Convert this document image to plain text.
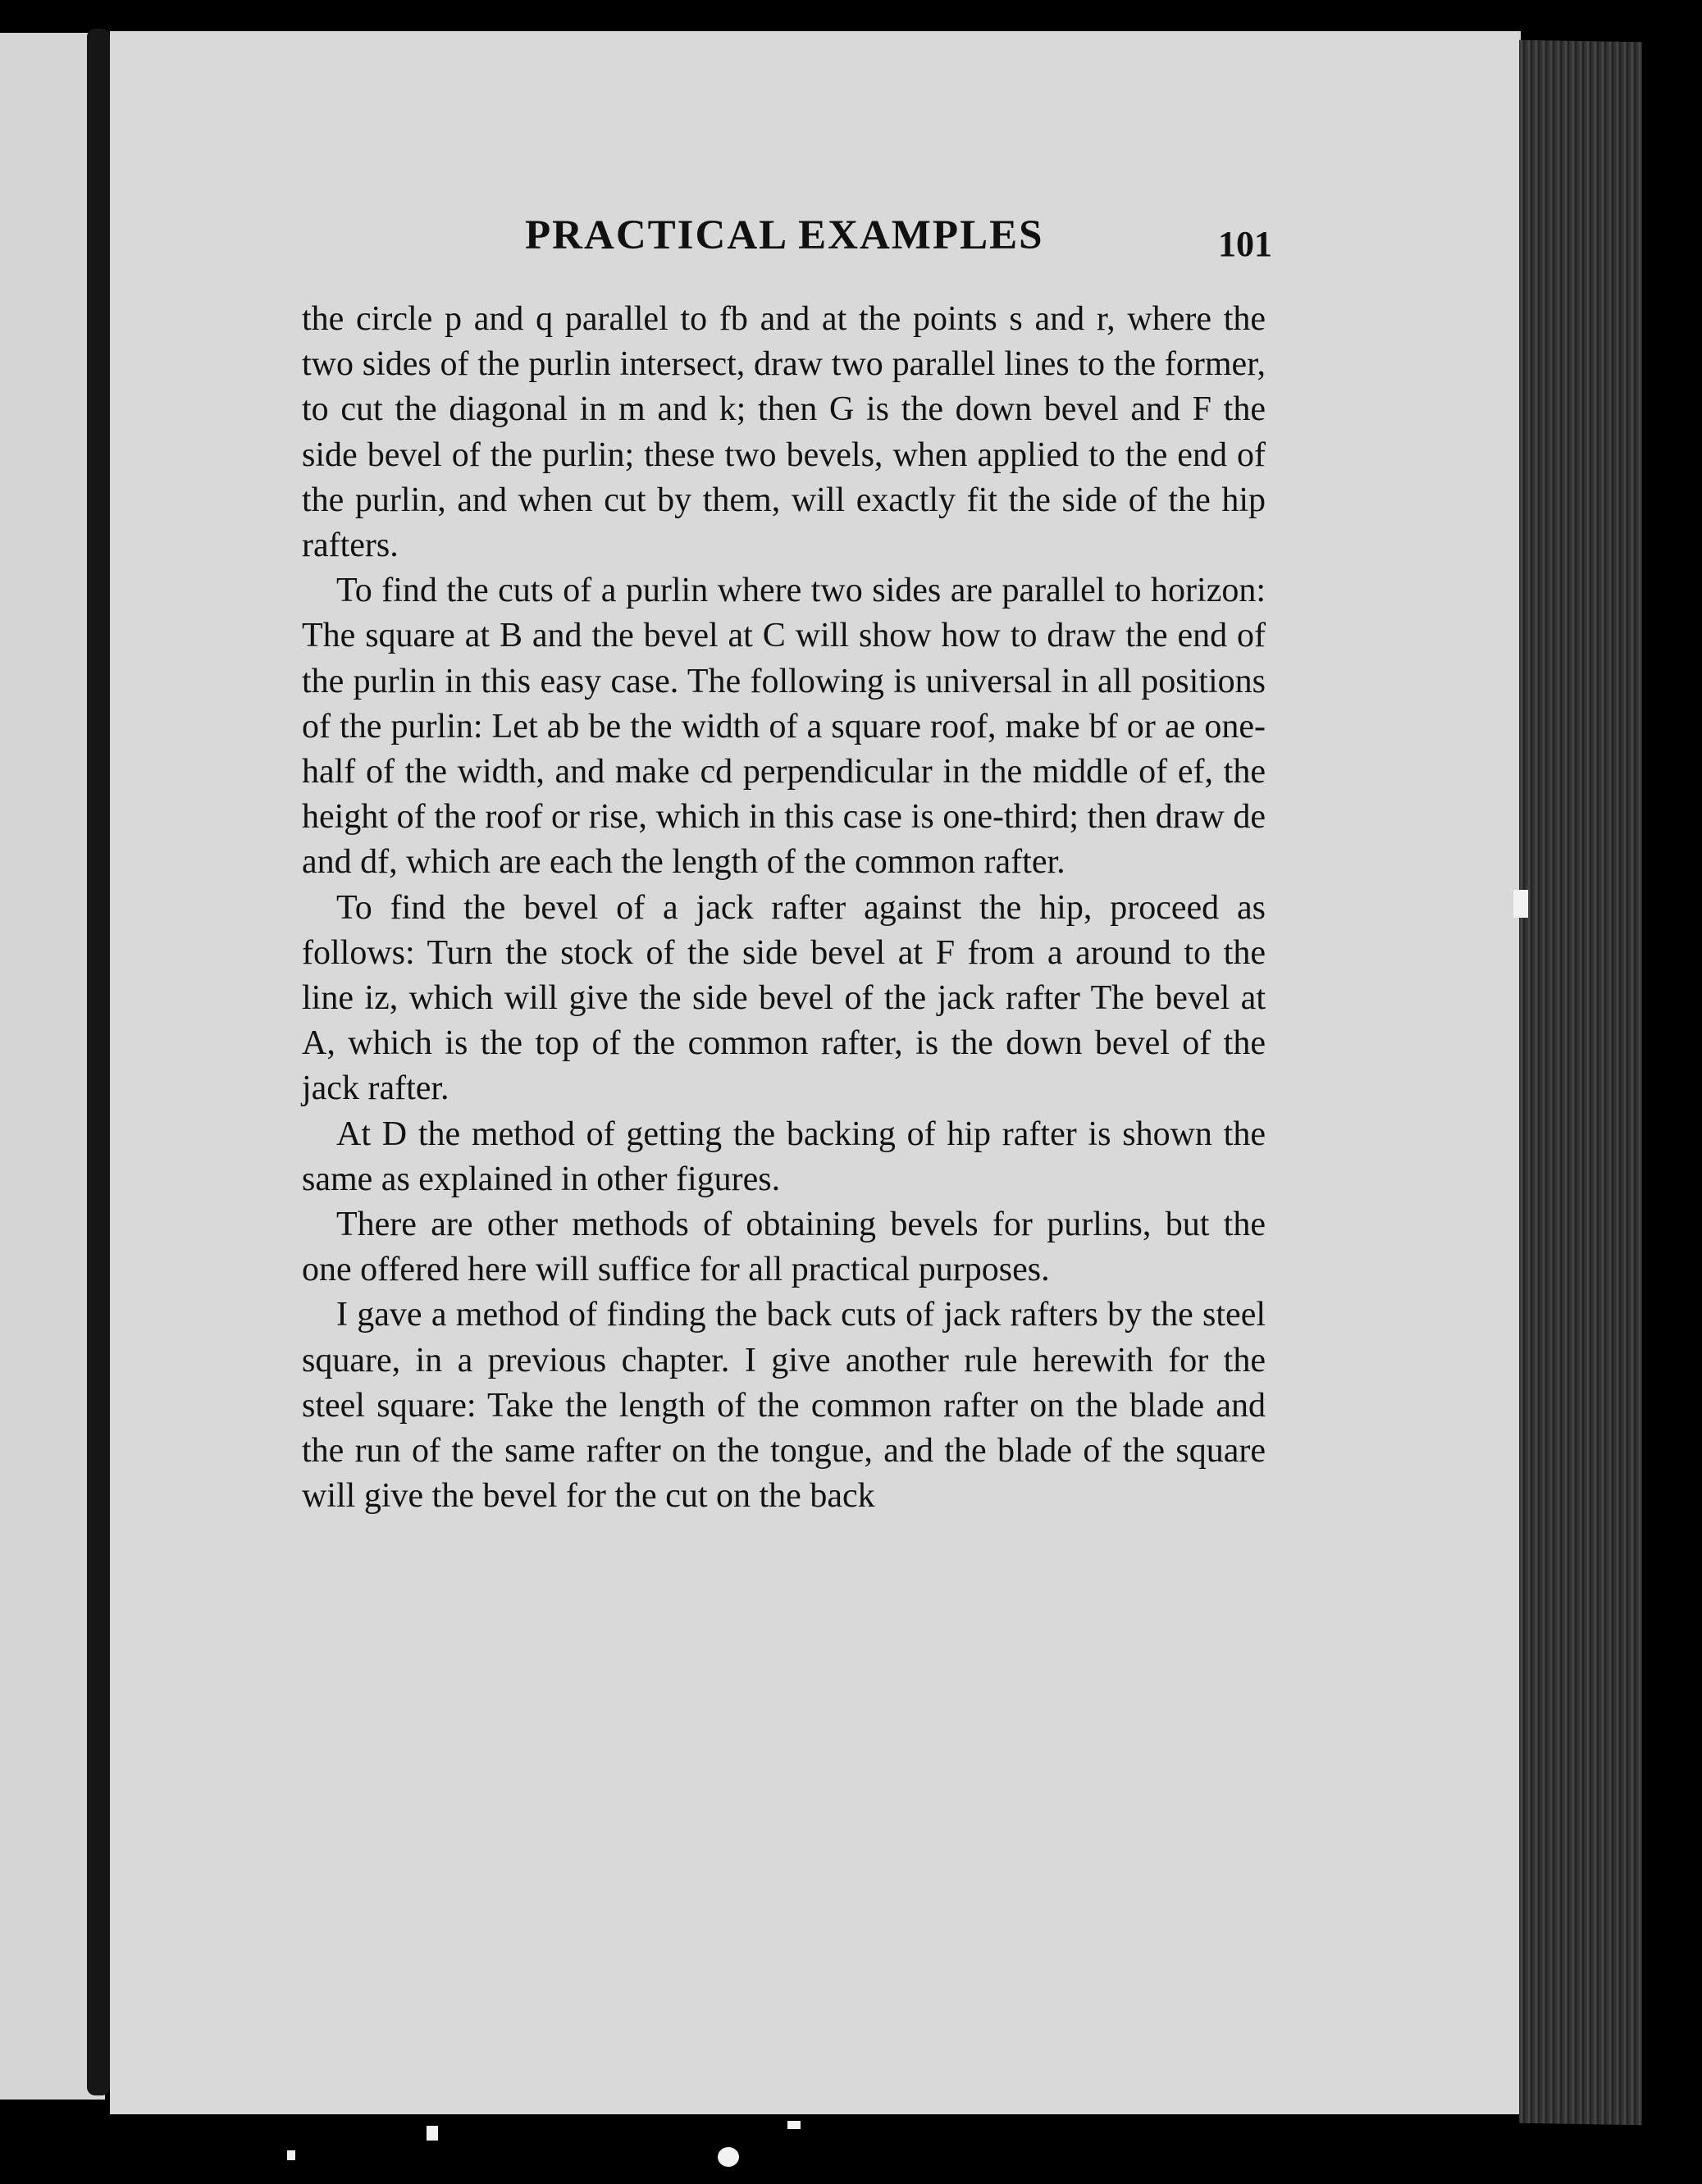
PRACTICAL EXAMPLES	101

the circle p and q parallel to fb and at the points s and r, where the two sides of the purlin intersect, draw two parallel lines to the former, to cut the diagonal in m and k; then G is the down bevel and F the side bevel of the purlin; these two bevels, when applied to the end of the purlin, and when cut by them, will exactly fit the side of the hip rafters.

To find the cuts of a purlin where two sides are parallel to horizon: The square at B and the bevel at C will show how to draw the end of the purlin in this easy case. The following is universal in all positions of the purlin: Let ab be the width of a square roof, make bf or ae one-half of the width, and make cd perpendicular in the middle of ef, the height of the roof or rise, which in this case is one-third; then draw de and df, which are each the length of the common rafter.

To find the bevel of a jack rafter against the hip, proceed as follows: Turn the stock of the side bevel at F from a around to the line iz, which will give the side bevel of the jack rafter The bevel at A, which is the top of the common rafter, is the down bevel of the jack rafter.

At D the method of getting the backing of hip rafter is shown the same as explained in other figures.

There are other methods of obtaining bevels for purlins, but the one offered here will suffice for all practical purposes.

I gave a method of finding the back cuts of jack rafters by the steel square, in a previous chapter. I give another rule herewith for the steel square: Take the length of the common rafter on the blade and the run of the same rafter on the tongue, and the blade of the square will give the bevel for the cut on the back
